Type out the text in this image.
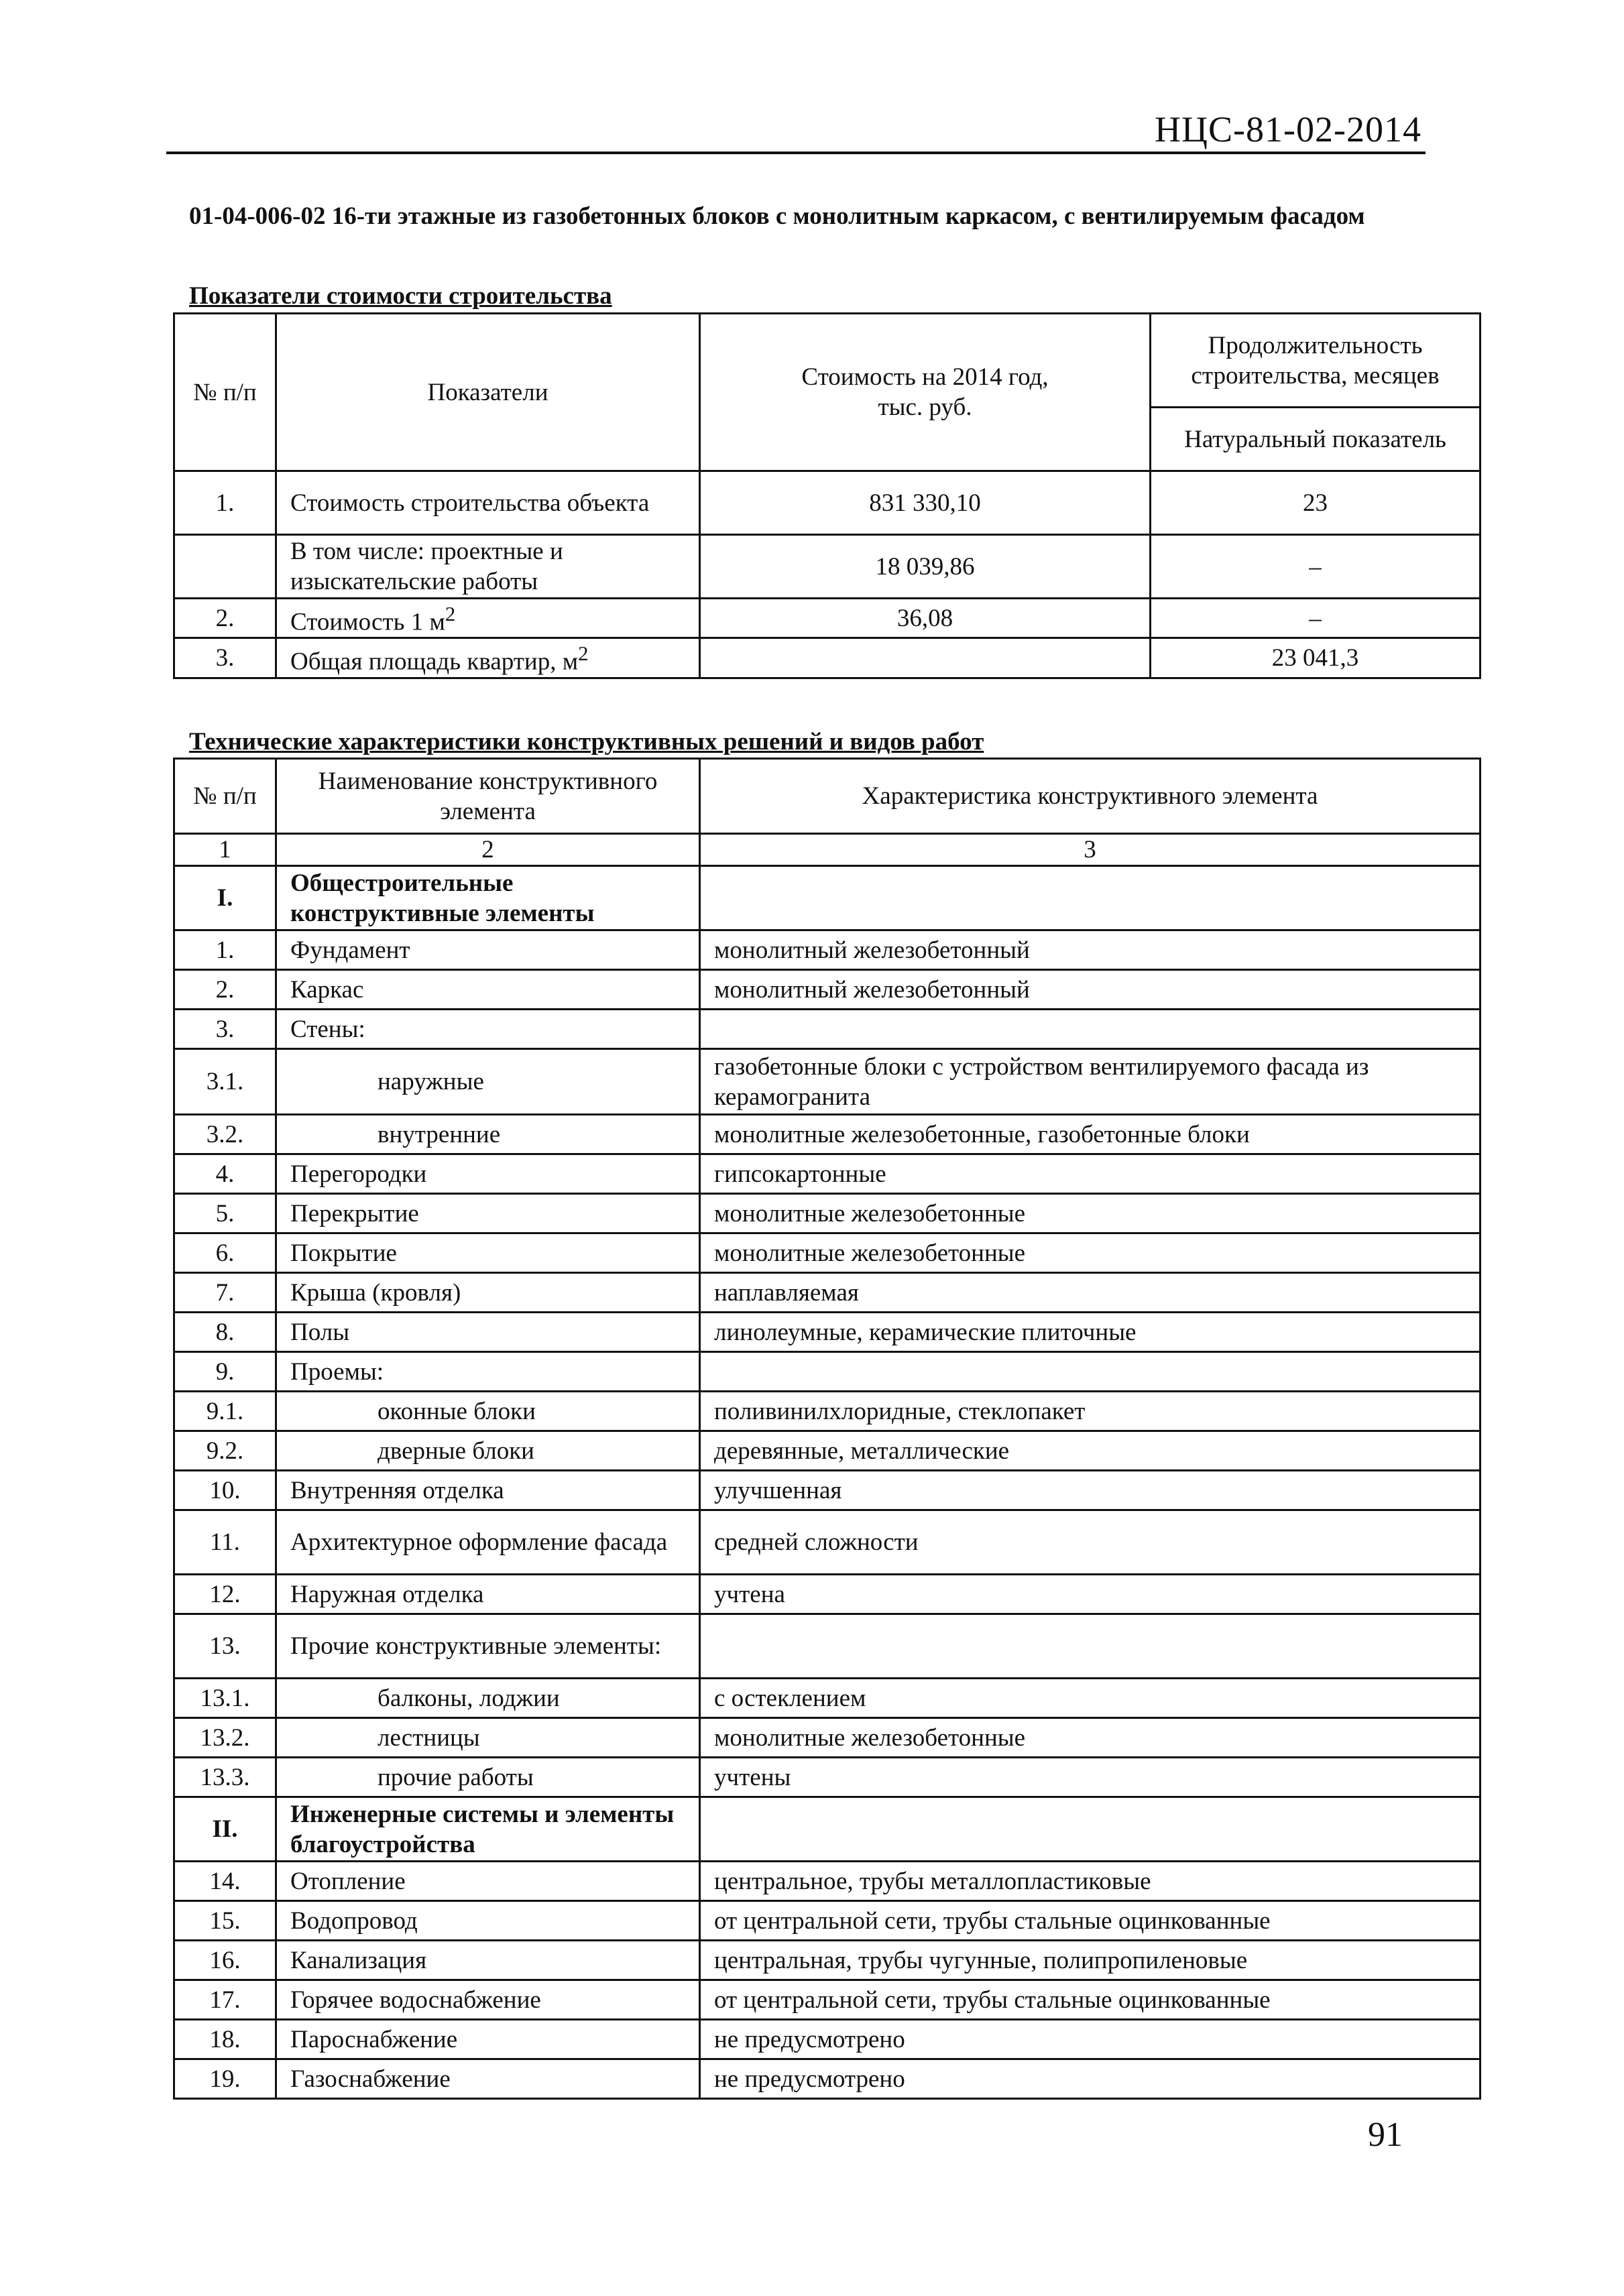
НЦС-81-02-2014
01-04-006-02 16-ти этажные из газобетонных блоков с монолитным каркасом, с вентилируемым фасадом
Показатели стоимости строительства
№ п/п	Показатели	Стоимость на 2014 год, тыс. руб.	Продолжительность строительства, месяцев
			Натуральный показатель
1.	Стоимость строительства объекта	831 330,10	23
	В том числе: проектные и изыскательские работы	18 039,86	–
2.	Стоимость 1 $м^2$	36,08	–
3.	Общая площадь квартир, $м^2$		23 041,3
Технические характеристики конструктивных решений и видов работ
№ п/п	Наименование конструктивного элемента	Характеристика конструктивного элемента
1	2	3
I.	Общестроительные конструктивные элементы	
1.	Фундамент	монолитный железобетонный
2.	Каркас	монолитный железобетонный
3.	Стены:	
3.1.	наружные	газобетонные блоки с устройством вентилируемого фасада из керамогранита
3.2.	внутренние	монолитные железобетонные, газобетонные блоки
4.	Перегородки	гипсокартонные
5.	Перекрытие	монолитные железобетонные
6.	Покрытие	монолитные железобетонные
7.	Крыша (кровля)	наплавляемая
8.	Полы	линолеумные, керамические плиточные
9.	Проемы:	
9.1.	оконные блоки	поливинилхлоридные, стеклопакет
9.2.	дверные блоки	деревянные, металлические
10.	Внутренняя отделка	улучшенная
11.	Архитектурное оформление фасада	средней сложности
12.	Наружная отделка	учтена
13.	Прочие конструктивные элементы:	
13.1.	балконы, лоджии	с остеклением
13.2.	лестницы	монолитные железобетонные
13.3.	прочие работы	учтены
II.	Инженерные системы и элементы благоустройства	
14.	Отопление	центральное, трубы металлопластиковые
15.	Водопровод	от центральной сети, трубы стальные оцинкованные
16.	Канализация	центральная, трубы чугунные, полипропиленовые
17.	Горячее водоснабжение	от центральной сети, трубы стальные оцинкованные
18.	Пароснабжение	не предусмотрено
19.	Газоснабжение	не предусмотрено
91
